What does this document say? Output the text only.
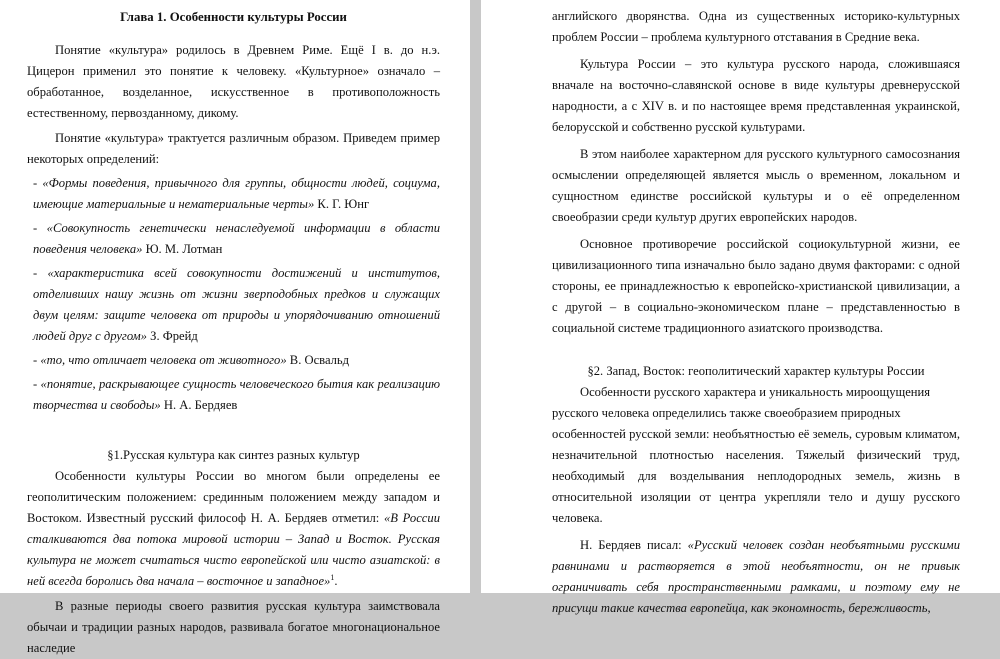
Глава 1. Особенности культуры России

Понятие «культура» родилось в Древнем Риме. Ещё I в. до н.э. Цицерон применил это понятие к человеку. «Культурное» означало – обработанное, возделанное, искусственное в противоположность естественному, первозданному, дикому.

Понятие «культура» трактуется различным образом. Приведем пример некоторых определений:

- «Формы поведения, привычного для группы, общности людей, социума, имеющие материальные и нематериальные черты» К. Г. Юнг

- «Совокупность генетически ненаследуемой информации в области поведения человека» Ю. М. Лотман

- «характеристика всей совокупности достижений и институтов, отделивших нашу жизнь от жизни зверподобных предков и служащих двум целям: защите человека от природы и упорядочиванию отношений людей друг с другом» З. Фрейд

- «то, что отличает человека от животного» В. Освальд

- «понятие, раскрывающее сущность человеческого бытия как реализацию творчества и свободы» Н. А. Бердяев

§1.Русская культура как синтез разных культур

Особенности культуры России во многом были определены ее геополитическим положением: срединным положением между западом и Востоком. Известный русский философ Н. А. Бердяев отметил: «В России сталкиваются два потока мировой истории – Запад и Восток. Русская культура не может считаться чисто европейской или чисто азиатской: в ней всегда боролись два начала – восточное и западное»$^1$.

В разные периоды своего развития русская культура заимствовала обычаи и традиции разных народов, развивала богатое многонациональное наследие

английского дворянства. Одна из существенных историко-культурных проблем России – проблема культурного отставания в Средние века.

Культура России – это культура русского народа, сложившаяся вначале на восточно-славянской основе в виде культуры древнерусской народности, а с XIV в. и по настоящее время представленная украинской, белорусской и собственно русской культурами.

В этом наиболее характерном для русского культурного самосознания осмыслении определяющей является мысль о временном, локальном и сущностном единстве российской культуры и о её определенном своеобразии среди культур других европейских народов.

Основное противоречие российской социокультурной жизни, ее цивилизационного типа изначально было задано двумя факторами: с одной стороны, ее принадлежностью к европейско-христианской цивилизации, а с другой – в социально-экономическом плане – представленностью в социальной системе традиционного азиатского производства.

§2. Запад, Восток: геополитический характер культуры России

Особенности русского характера и уникальность мироощущения русского человека определились также своеобразием природных

особенностей русской земли: необъятностью её земель, суровым климатом, незначительной плотностью населения. Тяжелый физический труд, необходимый для возделывания неплодородных земель, жизнь в относительной изоляции от центра укрепляли тело и душу русского человека.

Н. Бердяев писал: «Русский человек создан необъятными русскими равнинами и растворяется в этой необъятности, он не привык ограничивать себя пространственными рамками, и поэтому ему не присущи такие качества европейца, как экономность, бережливость,
